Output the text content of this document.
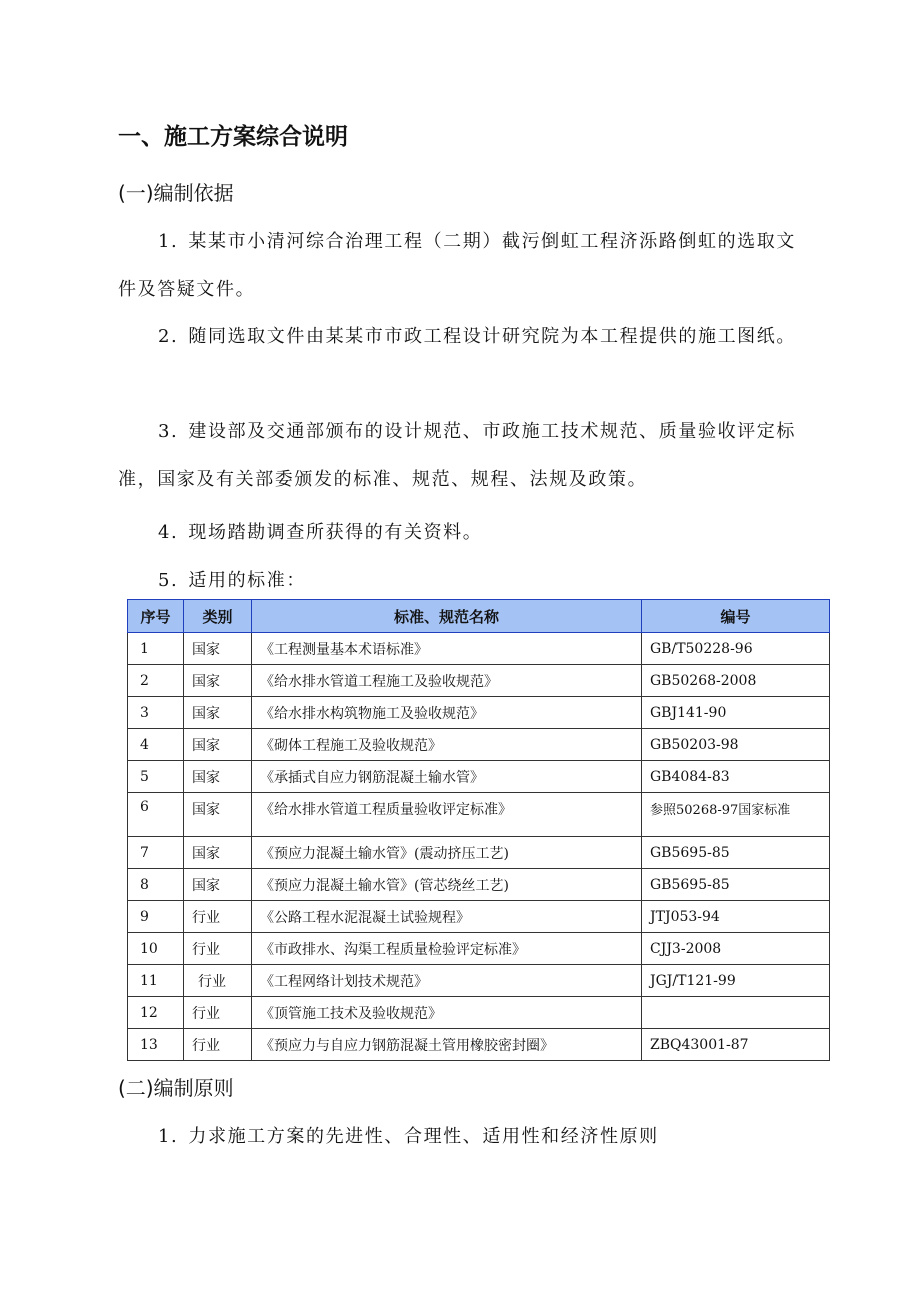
一、施工方案综合说明
(一)编制依据
1. 某某市小清河综合治理工程（二期）截污倒虹工程济泺路倒虹的选取文件及答疑文件。
2. 随同选取文件由某某市市政工程设计研究院为本工程提供的施工图纸。
3. 建设部及交通部颁布的设计规范、市政施工技术规范、质量验收评定标准，国家及有关部委颁发的标准、规范、规程、法规及政策。
4. 现场踏勘调查所获得的有关资料。
5. 适用的标准：
序号	类别	标准、规范名称	编号
1	国家	《工程测量基本术语标准》	GB/T50228-96
2	国家	《给水排水管道工程施工及验收规范》	GB50268-2008
3	国家	《给水排水构筑物施工及验收规范》	GBJ141-90
4	国家	《砌体工程施工及验收规范》	GB50203-98
5	国家	《承插式自应力钢筋混凝土输水管》	GB4084-83
6	国家	《给水排水管道工程质量验收评定标准》	参照50268-97国家标准
7	国家	《预应力混凝土输水管》(震动挤压工艺)	GB5695-85
8	国家	《预应力混凝土输水管》(管芯绕丝工艺)	GB5695-85
9	行业	《公路工程水泥混凝土试验规程》	JTJ053-94
10	行业	《市政排水、沟渠工程质量检验评定标准》	CJJ3-2008
11	行业	《工程网络计划技术规范》	JGJ/T121-99
12	行业	《顶管施工技术及验收规范》	
13	行业	《预应力与自应力钢筋混凝土管用橡胶密封圈》	ZBQ43001-87
(二)编制原则
1. 力求施工方案的先进性、合理性、适用性和经济性原则
